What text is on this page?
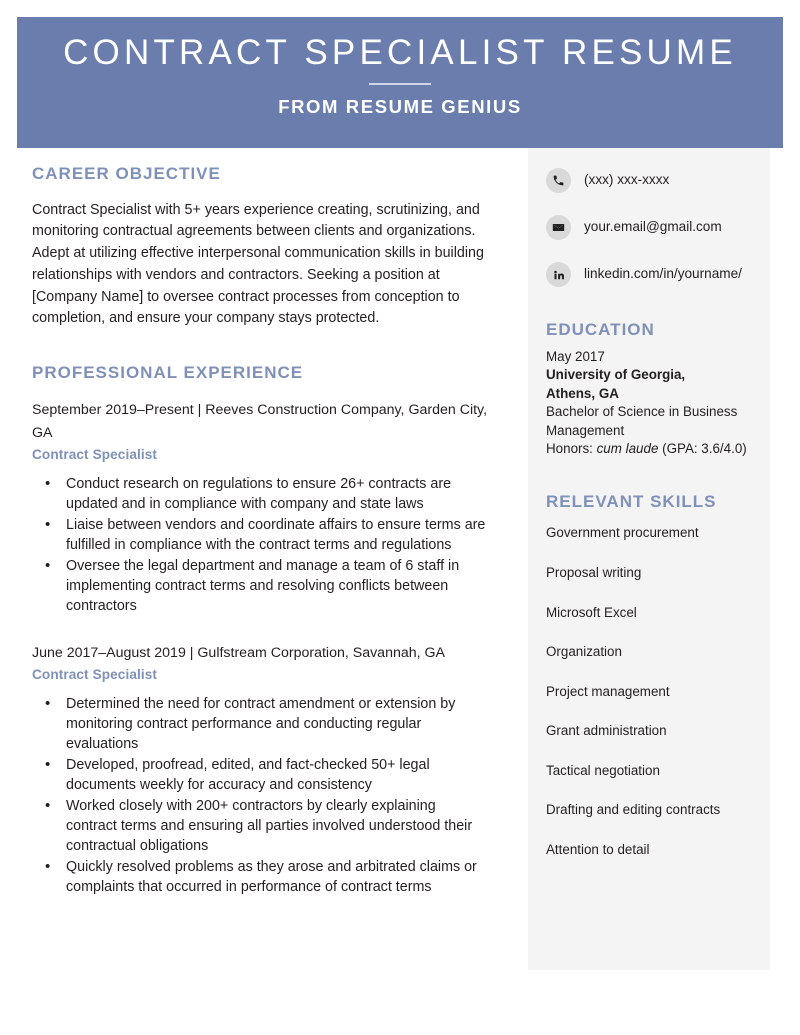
CONTRACT SPECIALIST RESUME
FROM RESUME GENIUS
CAREER OBJECTIVE

Contract Specialist with 5+ years experience creating, scrutinizing, and monitoring contractual agreements between clients and organizations. Adept at utilizing effective interpersonal communication skills in building relationships with vendors and contractors. Seeking a position at [Company Name] to oversee contract processes from conception to completion, and ensure your company stays protected.

PROFESSIONAL EXPERIENCE

September 2019–Present | Reeves Construction Company, Garden City, GA

Contract Specialist

• Conduct research on regulations to ensure 26+ contracts are updated and in compliance with company and state laws
• Liaise between vendors and coordinate affairs to ensure terms are fulfilled in compliance with the contract terms and regulations
• Oversee the legal department and manage a team of 6 staff in implementing contract terms and resolving conflicts between contractors

June 2017–August 2019 | Gulfstream Corporation, Savannah, GA

Contract Specialist

• Determined the need for contract amendment or extension by monitoring contract performance and conducting regular evaluations
• Developed, proofread, edited, and fact-checked 50+ legal documents weekly for accuracy and consistency
• Worked closely with 200+ contractors by clearly explaining contract terms and ensuring all parties involved understood their contractual obligations
• Quickly resolved problems as they arose and arbitrated claims or complaints that occurred in performance of contract terms
(xxx) xxx-xxxx
your.email@gmail.com
linkedin.com/in/yourname/
EDUCATION
May 2017
University of Georgia,
Athens, GA
Bachelor of Science in Business Management
Honors: cum laude (GPA: 3.6/4.0)
RELEVANT SKILLS
Government procurement
Proposal writing
Microsoft Excel
Organization
Project management
Grant administration
Tactical negotiation
Drafting and editing contracts
Attention to detail
